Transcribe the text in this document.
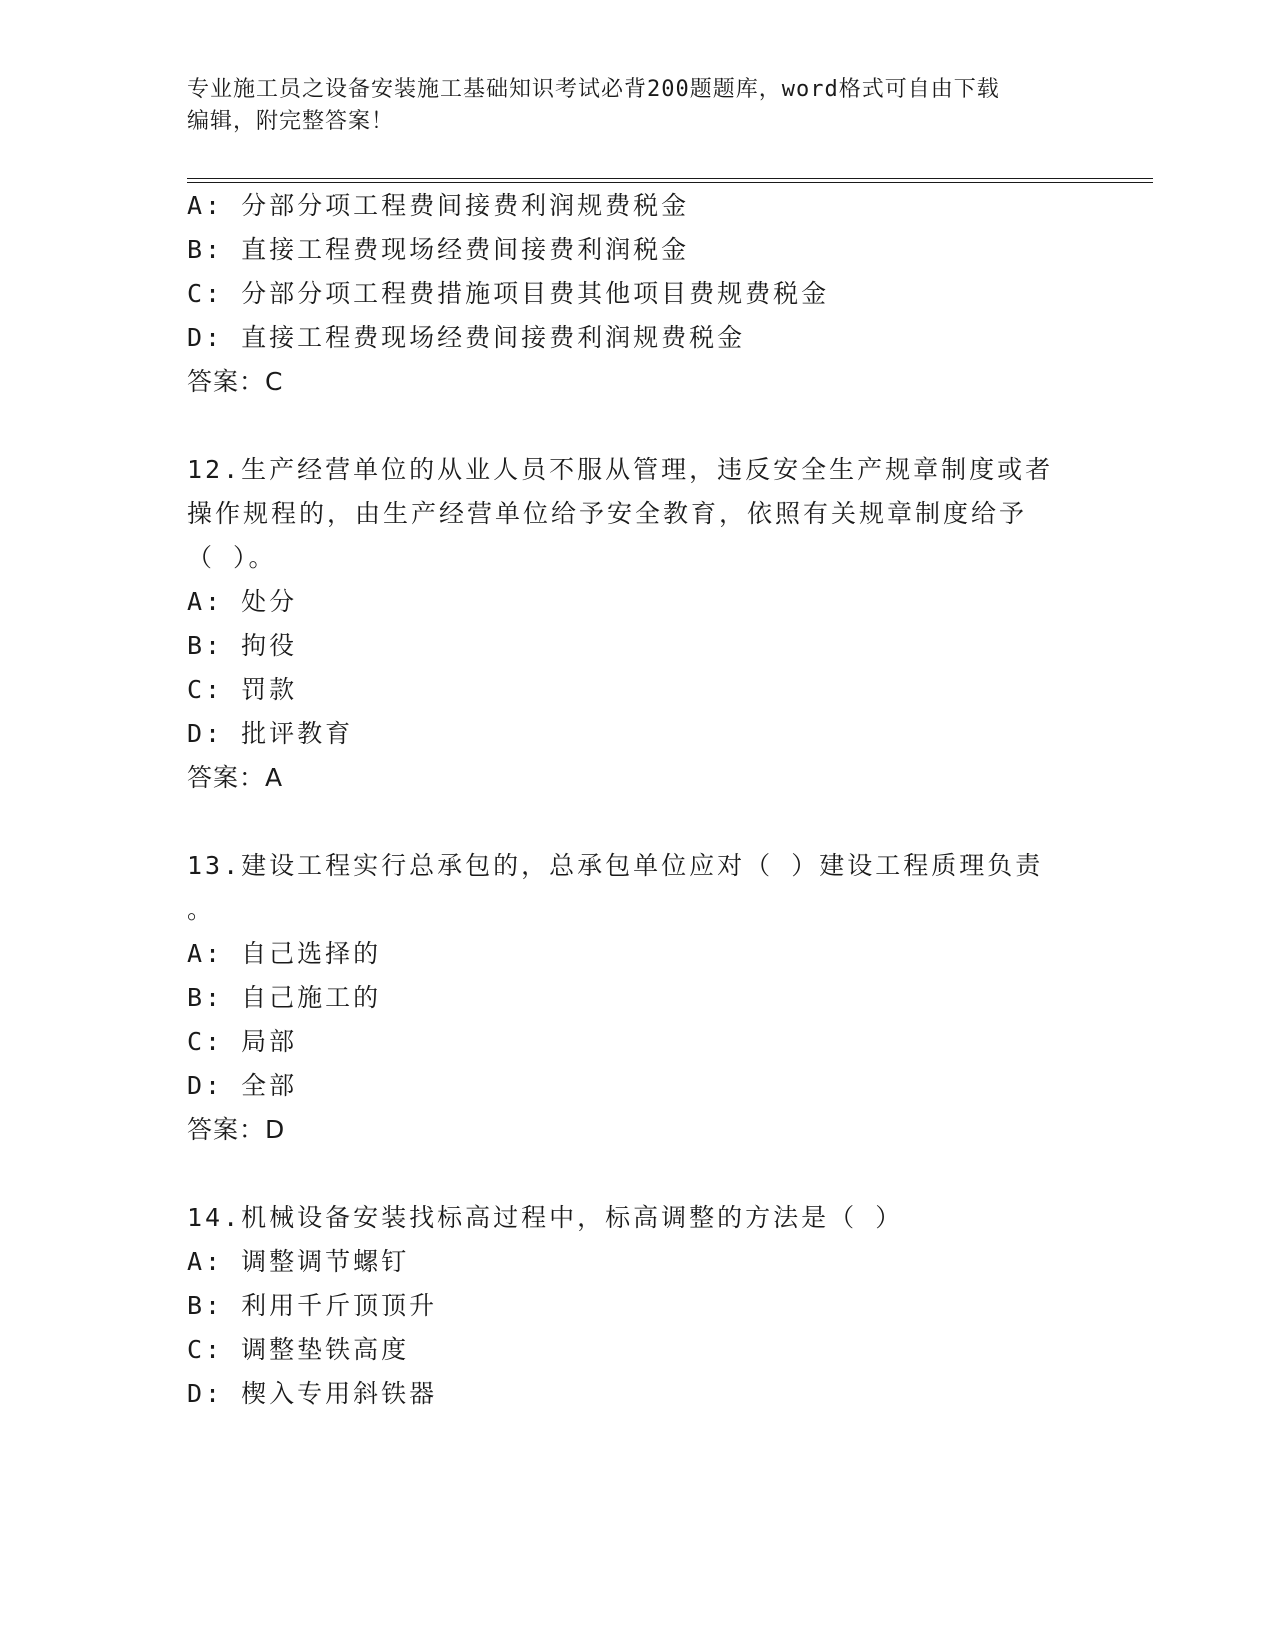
专业施工员之设备安装施工基础知识考试必背200题题库，word格式可自由下载
编辑，附完整答案！
A: 分部分项工程费间接费利润规费税金
B: 直接工程费现场经费间接费利润税金
C: 分部分项工程费措施项目费其他项目费规费税金
D: 直接工程费现场经费间接费利润规费税金
答案：C
12.生产经营单位的从业人员不服从管理，违反安全生产规章制度或者
操作规程的，由生产经营单位给予安全教育，依照有关规章制度给予
（ ）。
A: 处分
B: 拘役
C: 罚款
D: 批评教育
答案：A
13.建设工程实行总承包的，总承包单位应对（ ）建设工程质理负责
。
A: 自己选择的
B: 自己施工的
C: 局部
D: 全部
答案：D
14.机械设备安装找标高过程中，标高调整的方法是（ ）
A: 调整调节螺钉
B: 利用千斤顶顶升
C: 调整垫铁高度
D: 楔入专用斜铁器
